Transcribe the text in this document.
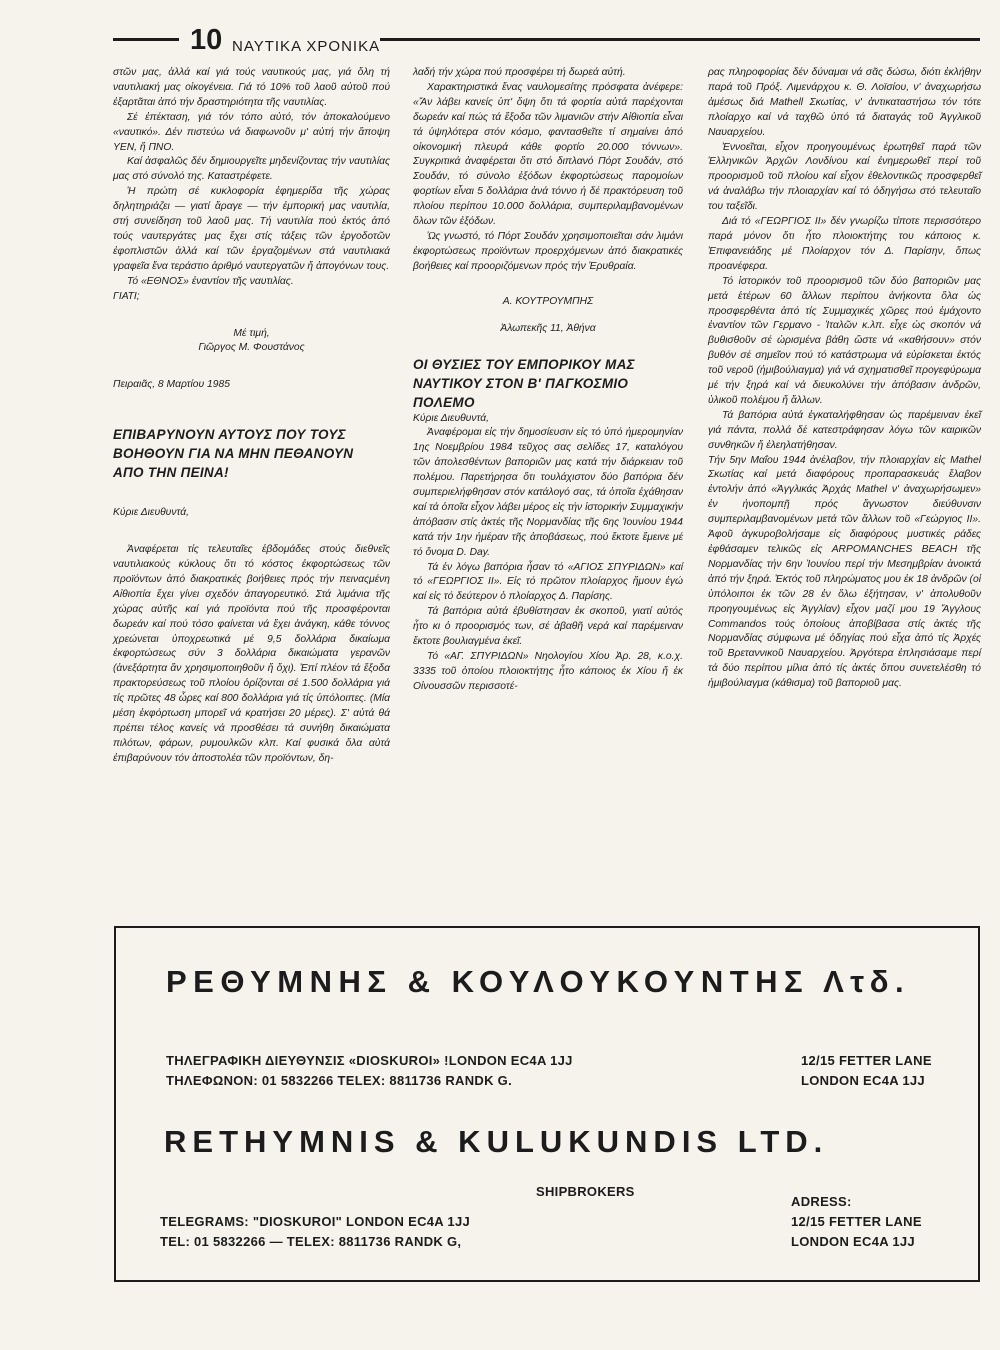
10 ΝΑΥΤΙΚΑ ΧΡΟΝΙΚΑ

στῶν μας, ἀλλά καί γιά τούς ναυτικούς μας, γιά ὅλη τή ναυτιλιακή μας οἰκογένεια. Γιά τό 10% τοῦ λαοῦ αὐτοῦ πού ἐξαρτᾶται ἀπό τήν δραστηριότητα τῆς ναυτιλίας.

Σέ ἐπέκταση, γιά τόν τόπο αὐτό, τόν ἀποκαλούμενο «ναυτικό». Δέν πιστεύω νά διαφωνοῦν μ' αὐτή τήν ἄποψη ΥΕΝ, ἤ ΠΝΟ.

Καί ἀσφαλῶς δέν δημιουργεῖτε μηδενίζοντας τήν ναυτιλίας μας στό σύνολό της. Καταστρέφετε.

Ἡ πρώτη σέ κυκλοφορία ἐφημερίδα τῆς χώρας δηλητηριάζει — γιατί ἄραγε — τήν ἐμπορική μας ναυτιλία, στή συνείδηση τοῦ λαοῦ μας. Τή ναυτιλία πού ἐκτός ἀπό τούς ναυτεργάτες μας ἔχει στίς τάξεις τῶν ἐργοδοτῶν ἐφοπλιστῶν ἀλλά καί τῶν ἐργαζομένων στά ναυτιλιακά γραφεῖα ἕνα τεράστιο ἀριθμό ναυτεργατῶν ἤ ἀπογόνων τους.

Τό «ΕΘΝΟΣ» ἐναντίον τῆς ναυτιλίας.

ΓΙΑΤΙ;

Μέ τιμή,
Γιῶργος Μ. Φουστάνος
Πειραιᾶς, 8 Μαρτίου 1985
ΕΠΙΒΑΡΥΝΟΥΝ ΑΥΤΟΥΣ ΠΟΥ ΤΟΥΣ
ΒΟΗΘΟΥΝ ΓΙΑ ΝΑ ΜΗΝ ΠΕΘΑΝΟΥΝ
ΑΠΟ ΤΗΝ ΠΕΙΝΑ!
Κύριε Διευθυντά,

Ἀναφέρεται τίς τελευταῖες ἑβδομάδες στούς διεθνεῖς ναυτιλιακούς κύκλους ὅτι τό κόστος ἐκφορτώσεως τῶν προϊόντων ἀπό διακρατικές βοήθειες πρός τήν πειναςμένη Αἰθιοπία ἔχει γίνει σχεδόν ἀπαγορευτικό. Στά λιμάνια τῆς χώρας αὐτῆς καί γιά προϊόντα πού τῆς προσφέρονται δωρεάν καί πού τόσο φαίνεται νά ἔχει ἀνάγκη, κάθε τόννος χρεώνεται ὑποχρεωτικά μέ 9,5 δολλάρια δικαίωμα ἐκφορτώσεως σύν 3 δολλάρια δικαιώματα γερανῶν (ἀνεξάρτητα ἄν χρησιμοποιηθοῦν ἤ ὄχι). Ἐπί πλέον τά ἔξοδα πρακτορεύσεως τοῦ πλοίου ὁρίζονται σέ 1.500 δολλάρια γιά τίς πρῶτες 48 ὧρες καί 800 δολλάρια γιά τίς ὑπόλοιπες. (Μία μέση ἐκφόρτωση μπορεῖ νά κρατήσει 20 μέρες). Σ' αὐτά θά πρέπει τέλος κανείς νά προσθέσει τά συνήθη δικαιώματα πιλότων, φάρων, ρυμουλκῶν κλπ. Καί φυσικά ὅλα αὐτά ἐπιβαρύνουν τόν ἀποστολέα τῶν προϊόντων, δη-

λαδή τήν χώρα πού προσφέρει τή δωρεά αὐτή.

Χαρακτηριστικά ἕνας ναυλομεσίτης πρόσφατα ἀνέφερε: «Ἄν λάβει κανείς ὑπ' ὄψη ὅτι τά φορτία αὐτά παρέχονται δωρεάν καί πώς τά ἔξοδα τῶν λιμανιῶν στήν Αἰθιοπία εἶναι τά ὑψηλότερα στόν κόσμο, φαντασθεῖτε τί σημαίνει ἀπό οἰκονομική πλευρά κάθε φορτίο 20.000 τόννων». Συγκριτικά ἀναφέρεται ὅτι στό διπλανό Πόρτ Σουδάν, στό Σουδάν, τό σύνολο ἐξόδων ἐκφορτώσεως παρομοίων φορτίων εἶναι 5 δολλάρια ἀνά τόννο ἡ δέ πρακτόρευση τοῦ πλοίου περίπου 10.000 δολλάρια, συμπεριλαμβανομένων ὅλων τῶν ἐξόδων.

Ὡς γνωστό, τό Πόρτ Σουδάν χρησιμοποιεῖται σάν λιμάνι ἐκφορτώσεως προϊόντων προερχόμενων ἀπό διακρατικές βοήθειες καί προοριζόμενων πρός τήν Ἐρυθραία.

Α. ΚΟΥΤΡΟΥΜΠΗΣ
Ἀλωπεκῆς 11, Ἀθήνα
ΟΙ ΘΥΣΙΕΣ ΤΟΥ ΕΜΠΟΡΙΚΟΥ ΜΑΣ
ΝΑΥΤΙΚΟΥ ΣΤΟΝ Β' ΠΑΓΚΟΣΜΙΟ
ΠΟΛΕΜΟ
Κύριε Διευθυντά,

Ἀναφέρομαι εἰς τήν δημοσίευσιν εἰς τό ὑπό ἡμερομηνίαν 1ης Νοεμβρίου 1984 τεῦχος σας σελίδες 17, καταλόγου τῶν ἀπολεσθέντων βαποριῶν μας κατά τήν διάρκειαν τοῦ πολέμου. Παρετήρησα ὅτι τουλάχιστον δύο βαπόρια δέν συμπεριελήφθησαν στόν κατάλογό σας, τά ὁποῖα ἐχάθησαν καί τά ὁποῖα εἶχον λάβει μέρος εἰς τήν ἱστορικήν Συμμαχικήν ἀπόβασιν στίς ἀκτές τῆς Νορμανδίας τῆς 6ης Ἰουνίου 1944 κατά τήν 1ην ἡμέραν τῆς ἀποβάσεως, πού ἔκτοτε ἔμεινε μέ τό ὄνομα D. Day.

Τά ἐν λόγω βαπόρια ἦσαν τό «ΑΓΙΟΣ ΣΠΥΡΙΔΩΝ» καί τό «ΓΕΩΡΓΙΟΣ ΙΙ». Εἰς τό πρῶτον πλοίαρχος ἤμουν ἐγώ καί εἰς τό δεύτερον ὁ πλοίαρχος Δ. Παρίσης.

Τά βαπόρια αὐτά ἐβυθίστησαν ἐκ σκοποῦ, γιατί αὐτός ἦτο κι ὁ προορισμός των, σέ ἀβαθῆ νερά καί παρέμειναν ἔκτοτε βουλιαγμένα ἐκεῖ.

Τό «ΑΓ. ΣΠΥΡΙΔΩΝ» Νηολογίου Χίου Ἀρ. 28, κ.ο.χ. 3335 τοῦ ὁποίου πλοιοκτήτης ἦτο κάποιος ἐκ Χίου ἤ ἐκ Οἰνουσσῶν περισσοτέ-

ρας πληροφορίας δέν δύναμαι νά σᾶς δώσω, διότι ἐκλήθην παρά τοῦ Πρόξ. Λιμενάρχου κ. Θ. Λοϊσίου, ν' ἀναχωρήσω ἀμέσως διά Mathell Σκωτίας, ν' ἀντικαταστήσω τόν τότε πλοίαρχο καί νά ταχθῶ ὑπό τά διαταγάς τοῦ Ἀγγλικοῦ Ναυαρχείου.

Ἐννοεῖται, εἶχον προηγουμένως ἐρωτηθεῖ παρά τῶν Ἑλληνικῶν Ἀρχῶν Λονδίνου καί ἐνημερωθεῖ περί τοῦ προορισμοῦ τοῦ πλοίου καί εἶχον ἐθελοντικῶς προσφερθεῖ νά ἀναλάβω τήν πλοιαρχίαν καί τό ὁδηγήσω στό τελευταῖο του ταξεῖδι.

Διά τό «ΓΕΩΡΓΙΟΣ ΙΙ» δέν γνωρίζω τίποτε περισσότερο παρά μόνον ὅτι ἦτο πλοιοκτήτης του κάποιος κ. Ἐπιφανειάδης μέ Πλοίαρχον τόν Δ. Παρίσην, ὅπως προανέφερα.

Τό ἱστορικόν τοῦ προορισμοῦ τῶν δύο βαποριῶν μας μετά ἑτέρων 60 ἄλλων περίπου ἀνήκοντα ὅλα ὡς προσφερθέντα ἀπό τίς Συμμαχικές χῶρες πού ἐμάχοντο ἐναντίον τῶν Γερμανο - Ἰταλῶν κ.λπ. εἶχε ὡς σκοπόν νά βυθισθοῦν σέ ὡρισμένα βάθη ὥστε νά «καθήσουν» στόν βυθόν σέ σημεῖον πού τό κατάστρωμα νά εὑρίσκεται ἐκτός τοῦ νεροῦ (ἡμιβούλιαγμα) γιά νά σχηματισθεῖ προγεφύρωμα μέ τήν ξηρά καί νά διευκολύνει τήν ἀπόβασιν ἀνδρῶν, ὑλικοῦ πολέμου ἤ ἄλλων.

Τά βαπόρια αὐτά ἐγκαταλήφθησαν ὡς παρέμειναν ἐκεῖ γιά πάντα, πολλά δέ κατεστράφησαν λόγω τῶν καιρικῶν συνθηκῶν ἤ ἐλεηλατήθησαν.

Τήν 5ην Μαΐου 1944 ἀνέλαβον, τήν πλοιαρχίαν εἰς Mathel Σκωτίας καί μετά διαφόρους προπαρασκευάς ἔλαβον ἐντολήν ἀπό «Ἀγγλικάς Ἀρχάς Mathel ν' ἀναχωρήσωμεν» ἐν ἠνοπομπῇ πρός ἄγνωστον διεύθυνσιν συμπεριλαμβανομένων μετά τῶν ἄλλων τοῦ «Γεώργιος ΙΙ». Ἀφοῦ ἀγκυροβολήσαμε εἰς διαφόρους μυστικές ράδες ἐφθάσαμεν τελικῶς εἰς ARPOMANCHES BEACH τῆς Νορμανδίας τήν 6ην Ἰουνίου περί τήν Μεσημβρίαν ἀνοικτά ἀπό τήν ξηρά. Ἐκτός τοῦ πληρώματος μου ἐκ 18 ἀνδρῶν (οἱ ὑπόλοιποι ἐκ τῶν 28 ἐν ὅλω ἐξήτησαν, ν' ἀπολυθοῦν προηγουμένως εἰς Ἀγγλίαν) εἶχον μαζί μου 19 Ἄγγλους Commandos τούς ὁποίους ἀποβίβασα στίς ἀκτές τῆς Νορμανδίας σύμφωνα μέ ὁδηγίας πού εἶχα ἀπό τίς Ἀρχές τοῦ Βρεταννικοῦ Ναυαρχείου. Ἀργότερα ἐπλησιάσαμε περί τά δύο περίπου μίλια ἀπό τίς ἀκτές ὅπου συνετελέσθη τό ἡμιβούλιαγμα (κάθισμα) τοῦ βαποριοῦ μας.

ΡΕΘΥΜΝΗΣ & ΚΟΥΛΟΥΚΟΥΝΤΗΣ Λτδ.
ΤΗΛΕΓΡΑΦΙΚΗ ΔΙΕΥΘΥΝΣΙΣ «DIOSKUROI» !LONDON EC4A 1JJ
ΤΗΛΕΦΩΝΟΝ: 01 5832266 TELEX: 8811736 RANDK G.
12/15 FETTER LANE
LONDON EC4A 1JJ
RETHYMNIS & KULUKUNDIS LTD.
SHIPBROKERS
ADRESS:
12/15 FETTER LANE
TELEGRAMS: "DIOSKUROI" LONDON EC4A 1JJ
TEL: 01 5832266 — TELEX: 8811736 RANDK G,	LONDON EC4A 1JJ
